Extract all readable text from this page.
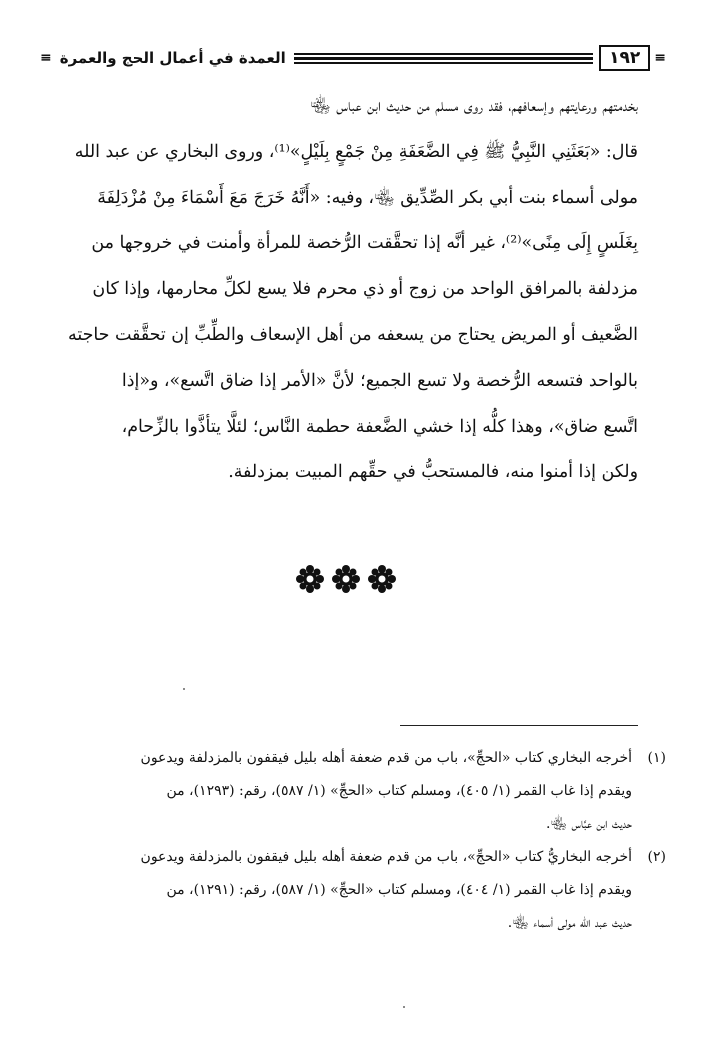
≡
١٩٢
العمدة في أعمال الحج والعمرة
≡
بخدمتهم ورعايتهم وإسعافهم، فقد روى مسلم من حديث ابن عباس ﵄
قال: «بَعَثَنِي النَّبِيُّ ﷺ فِي الضَّعَفَةِ مِنْ جَمْعٍ بِلَيْلٍ»⁽¹⁾، وروى البخاري عن عبد الله
مولى أسماء بنت أبي بكر الصِّدِّيق ﵄، وفيه: «أَنَّهُ خَرَجَ مَعَ أَسْمَاءَ مِنْ مُزْدَلِفَةَ
بِغَلَسٍ إِلَى مِنًى»⁽²⁾، غير أنَّه إذا تحقَّقت الرُّخصة للمرأة وأمنت في خروجها من
مزدلفة بالمرافق الواحد من زوج أو ذي محرم فلا يسع لكلِّ محارمها، وإذا كان
الضَّعيف أو المريض يحتاج من يسعفه من أهل الإسعاف والطِّبِّ إن تحقَّقت حاجته
بالواحد فتسعه الرُّخصة ولا تسع الجميع؛ لأنَّ «الأمر إذا ضاق اتَّسع»، و«إذا
اتَّسع ضاق»، وهذا كلُّه إذا خشي الضَّعفة حطمة النَّاس؛ لئلَّا يتأذَّوا بالزِّحام،
ولكن إذا أمنوا منه، فالمستحبُّ في حقِّهم المبيت بمزدلفة.
(١)
أخرجه البخاري كتاب «الحجِّ»، باب من قدم ضعفة أهله بليل فيقفون بالمزدلفة ويدعون
ويقدم إذا غاب القمر (١/ ٤٠٥)، ومسلم كتاب «الحجِّ» (١/ ٥٨٧)، رقم: (١٢٩٣)، من
حديث ابن عبَّاس ﵄.
(٢)
أخرجه البخاريُّ كتاب «الحجِّ»، باب من قدم ضعفة أهله بليل فيقفون بالمزدلفة ويدعون
ويقدم إذا غاب القمر (١/ ٤٠٤)، ومسلم كتاب «الحجِّ» (١/ ٥٨٧)، رقم: (١٢٩١)، من
حديث عبد الله مولى أسماء ﵄.
